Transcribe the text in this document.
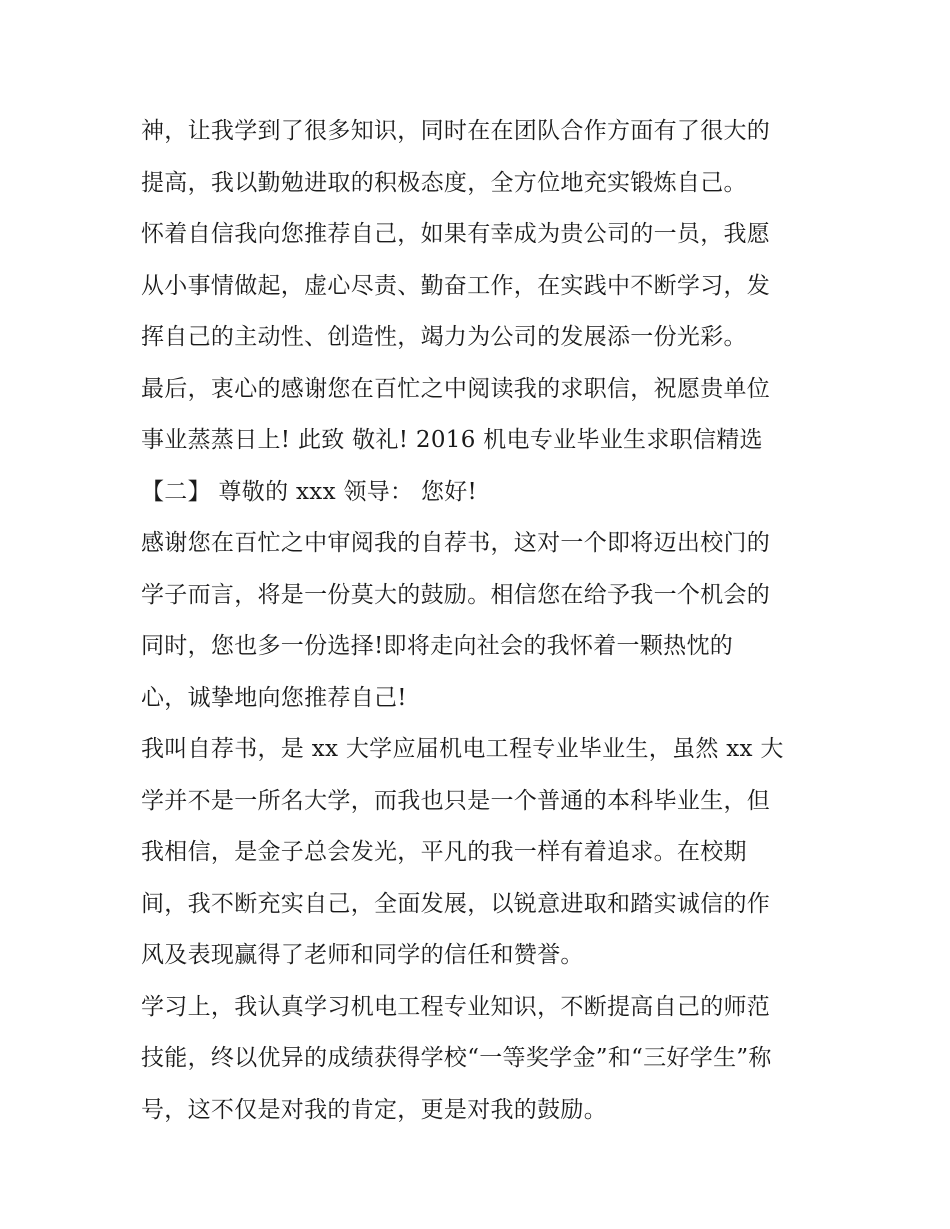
神，让我学到了很多知识，同时在在团队合作方面有了很大的
提高，我以勤勉进取的积极态度，全方位地充实锻炼自己。
怀着自信我向您推荐自己，如果有幸成为贵公司的一员，我愿
从小事情做起，虚心尽责、勤奋工作，在实践中不断学习，发
挥自己的主动性、创造性，竭力为公司的发展添一份光彩。
最后，衷心的感谢您在百忙之中阅读我的求职信，祝愿贵单位
事业蒸蒸日上! 此致 敬礼! 2016 机电专业毕业生求职信精选
【二】 尊敬的 xxx 领导： 您好!
感谢您在百忙之中审阅我的自荐书，这对一个即将迈出校门的
学子而言，将是一份莫大的鼓励。相信您在给予我一个机会的
同时，您也多一份选择!即将走向社会的我怀着一颗热忱的
心，诚挚地向您推荐自己!
我叫自荐书，是 xx 大学应届机电工程专业毕业生，虽然 xx 大
学并不是一所名大学，而我也只是一个普通的本科毕业生，但
我相信，是金子总会发光，平凡的我一样有着追求。在校期
间，我不断充实自己，全面发展，以锐意进取和踏实诚信的作
风及表现赢得了老师和同学的信任和赞誉。
学习上，我认真学习机电工程专业知识，不断提高自己的师范
技能，终以优异的成绩获得学校“一等奖学金”和“三好学生”称
号，这不仅是对我的肯定，更是对我的鼓励。
